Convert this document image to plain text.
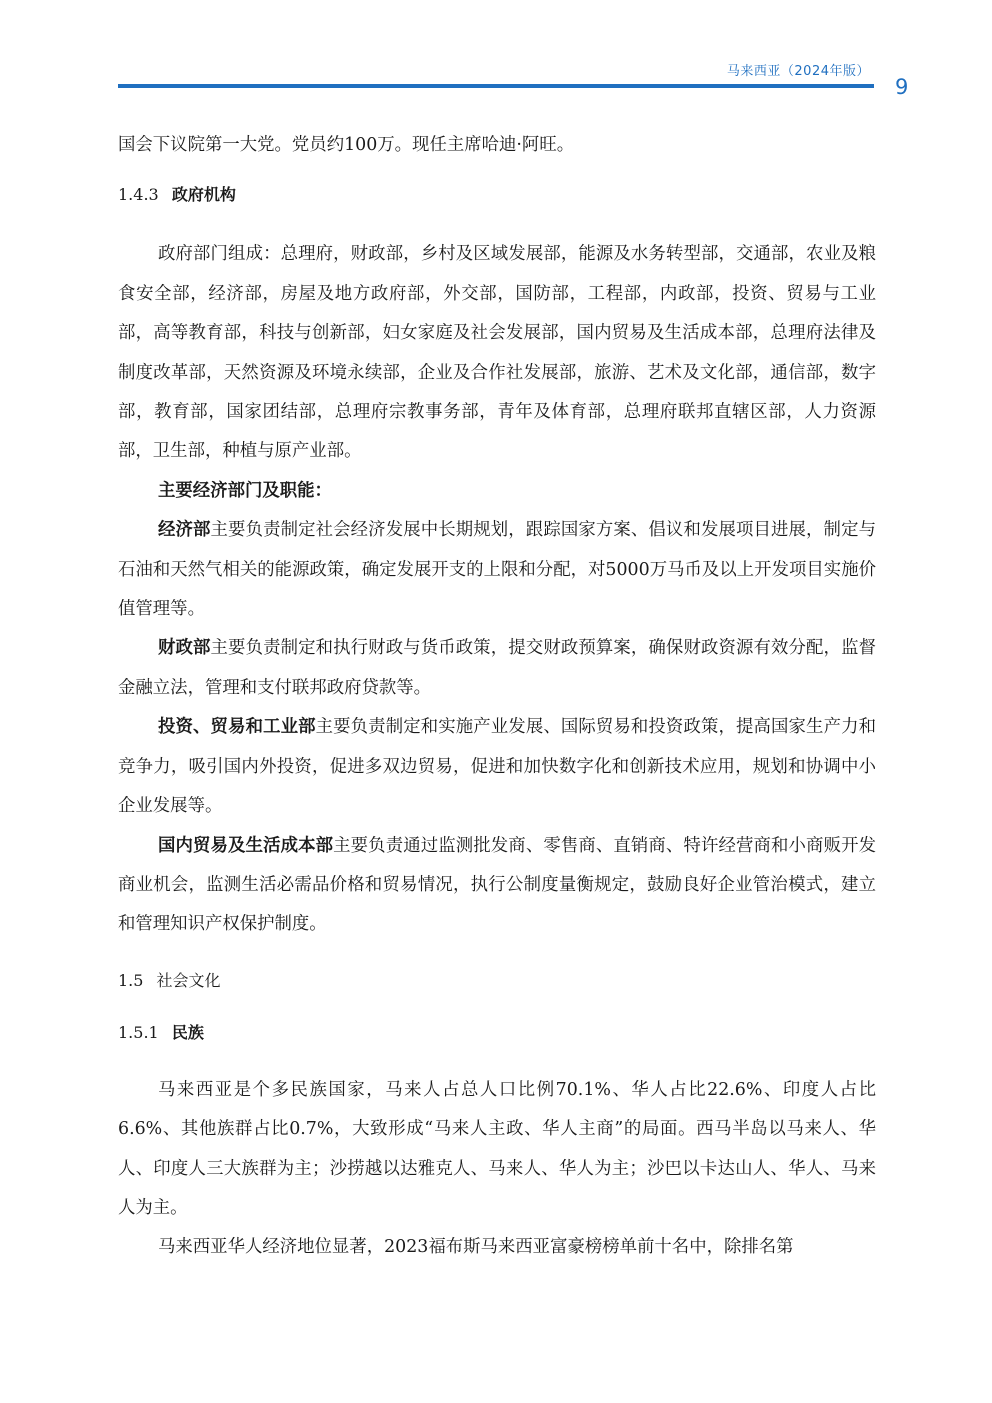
马来西亚（2024年版）
9

国会下议院第一大党。党员约100万。现任主席哈迪·阿旺。

1.4.3 政府机构

政府部门组成：总理府，财政部，乡村及区域发展部，能源及水务转型部，交通部，农业及粮食安全部，经济部，房屋及地方政府部，外交部，国防部，工程部，内政部，投资、贸易与工业部，高等教育部，科技与创新部，妇女家庭及社会发展部，国内贸易及生活成本部，总理府法律及制度改革部，天然资源及环境永续部，企业及合作社发展部，旅游、艺术及文化部，通信部，数字部，教育部，国家团结部，总理府宗教事务部，青年及体育部，总理府联邦直辖区部，人力资源部，卫生部，种植与原产业部。

主要经济部门及职能：

经济部主要负责制定社会经济发展中长期规划，跟踪国家方案、倡议和发展项目进展，制定与石油和天然气相关的能源政策，确定发展开支的上限和分配，对5000万马币及以上开发项目实施价值管理等。

财政部主要负责制定和执行财政与货币政策，提交财政预算案，确保财政资源有效分配，监督金融立法，管理和支付联邦政府贷款等。

投资、贸易和工业部主要负责制定和实施产业发展、国际贸易和投资政策，提高国家生产力和竞争力，吸引国内外投资，促进多双边贸易，促进和加快数字化和创新技术应用，规划和协调中小企业发展等。

国内贸易及生活成本部主要负责通过监测批发商、零售商、直销商、特许经营商和小商贩开发商业机会，监测生活必需品价格和贸易情况，执行公制度量衡规定，鼓励良好企业管治模式，建立和管理知识产权保护制度。

1.5 社会文化
1.5.1 民族

马来西亚是个多民族国家，马来人占总人口比例70.1%、华人占比22.6%、印度人占比6.6%、其他族群占比0.7%，大致形成“马来人主政、华人主商”的局面。西马半岛以马来人、华人、印度人三大族群为主；沙捞越以达雅克人、马来人、华人为主；沙巴以卡达山人、华人、马来人为主。

马来西亚华人经济地位显著，2023福布斯马来西亚富豪榜榜单前十名中，除排名第
